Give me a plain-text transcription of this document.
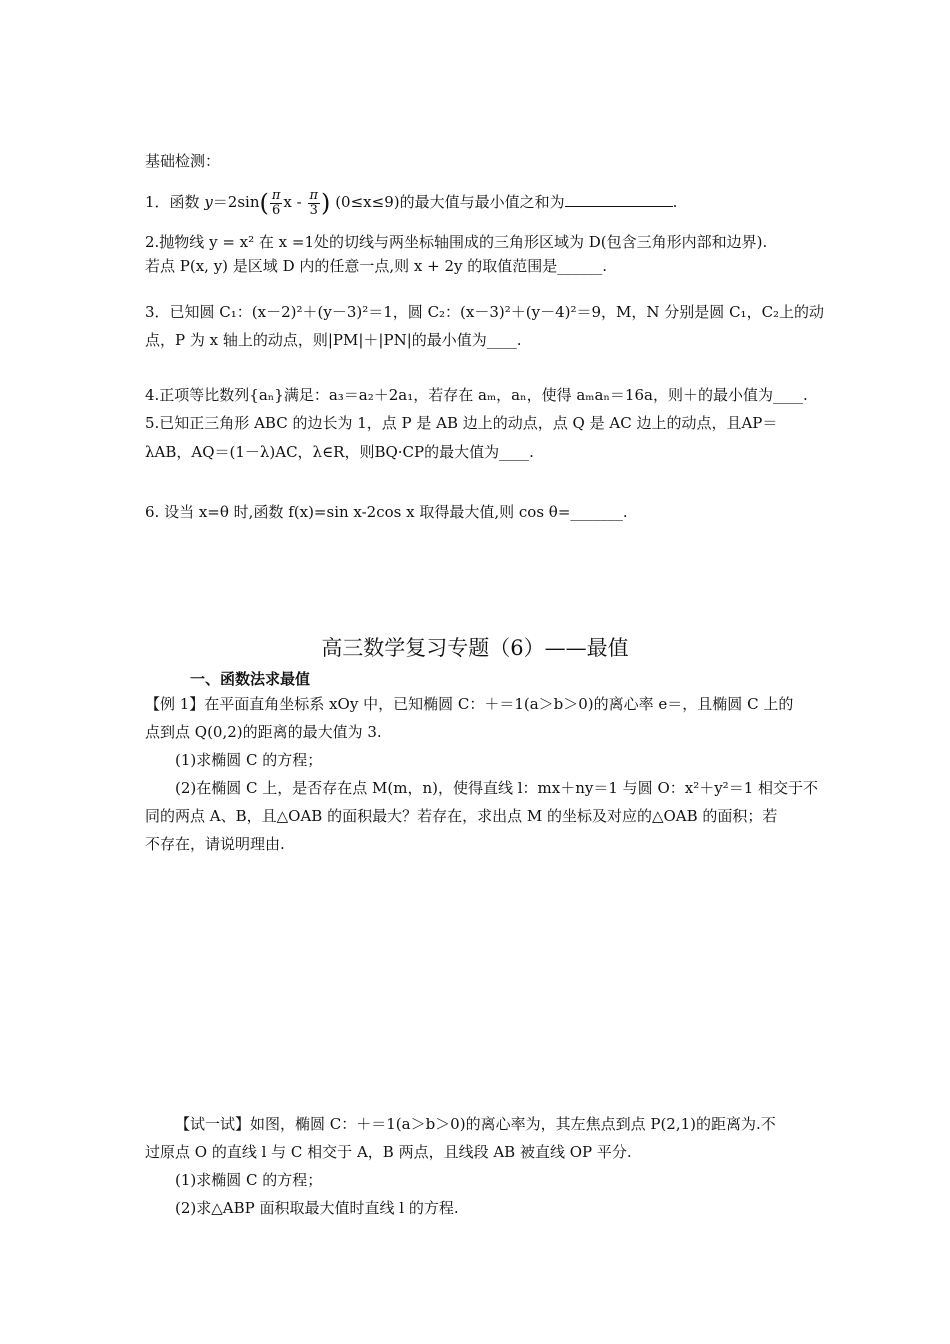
基础检测：
1．函数 $y=2\sin( \frac{\pi}{6}$ x - $\frac{\pi}{3}$ ) (0≤x≤9)的最大值与最小值之和为	.
2.抛物线 y = x² 在 x =1处的切线与两坐标轴围成的三角形区域为 D(包含三角形内部和边界).
若点 P(x, y) 是区域 D 内的任意一点,则 x + 2y 的取值范围是______.
3．已知圆 C₁：(x－2)²＋(y－3)²＝1，圆 C₂：(x－3)²＋(y－4)²＝9，M，N 分别是圆 C₁，C₂上的动
点，P 为 x 轴上的动点，则|PM|＋|PN|的最小值为____.
4.正项等比数列{aₙ}满足：a₃＝a₂＋2a₁，若存在 aₘ，aₙ，使得 aₘaₙ＝16a，则＋的最小值为____.
5.已知正三角形 ABC 的边长为 1，点 P 是 AB 边上的动点，点 Q 是 AC 边上的动点，且AP＝
λAB，AQ＝(1－λ)AC，λ∈R，则BQ·CP的最大值为____.
6. 设当 x=θ 时,函数 f(x)=sin x-2cos x 取得最大值,则 cos θ=_______.
高三数学复习专题（6）——最值
一、函数法求最值
【例 1】在平面直角坐标系 xOy 中，已知椭圆 C：＋＝1(a＞b＞0)的离心率 e＝，且椭圆 C 上的
点到点 Q(0,2)的距离的最大值为 3.
(1)求椭圆 C 的方程；
(2)在椭圆 C 上，是否存在点 M(m，n)，使得直线 l：mx＋ny＝1 与圆 O：x²＋y²＝1 相交于不
同的两点 A、B，且△OAB 的面积最大？若存在，求出点 M 的坐标及对应的△OAB 的面积；若
不存在，请说明理由.
【试一试】如图，椭圆 C：＋＝1(a＞b＞0)的离心率为，其左焦点到点 P(2,1)的距离为.不
过原点 O 的直线 l 与 C 相交于 A，B 两点，且线段 AB 被直线 OP 平分.
(1)求椭圆 C 的方程；
(2)求△ABP 面积取最大值时直线 l 的方程.
